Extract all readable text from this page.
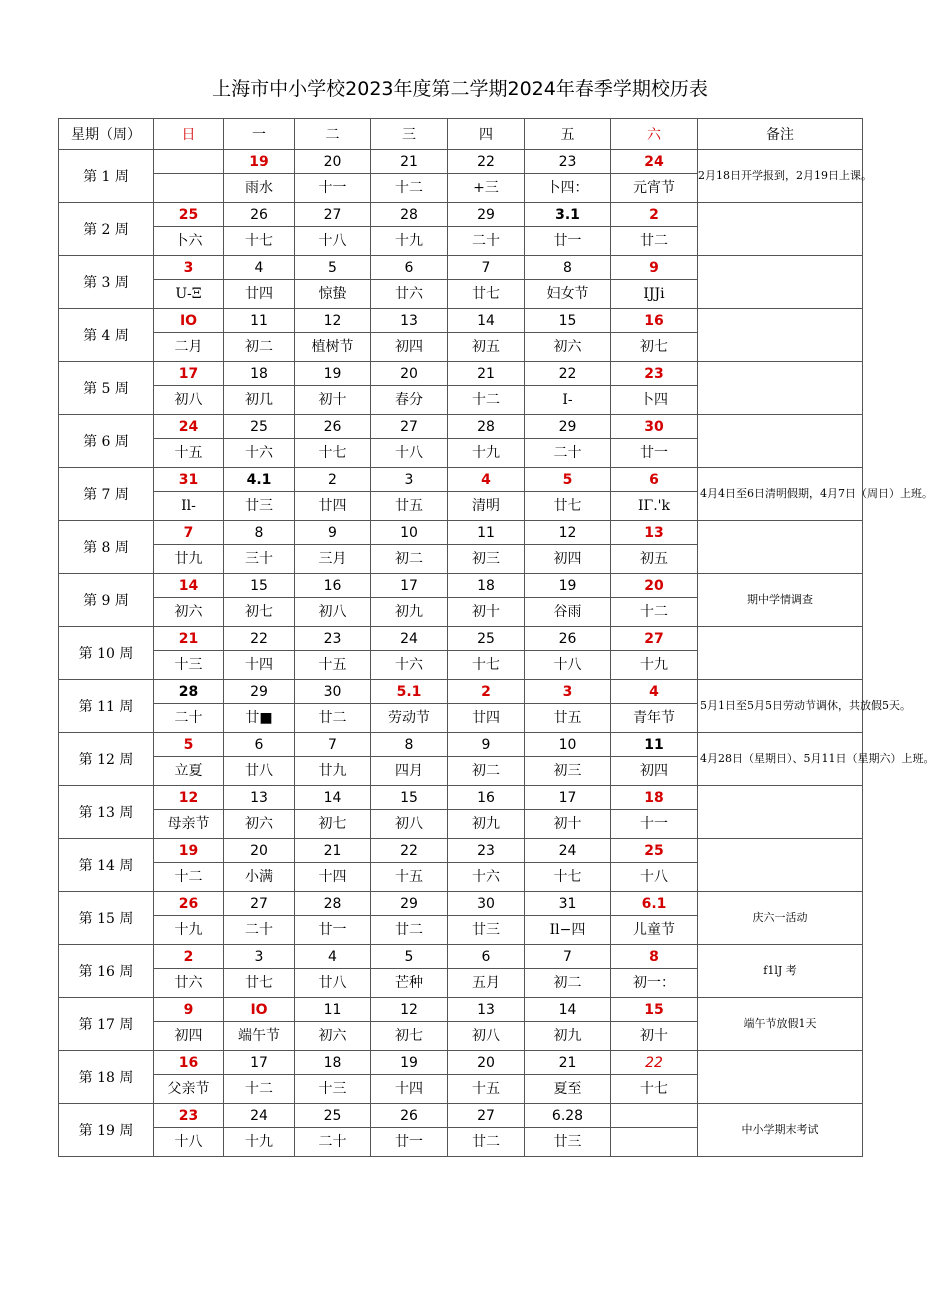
上海市中小学校2023年度第二学期2024年春季学期校历表
星期（周）	日	一	二	三	四	五	六	备注
第 1 周		19	20	21	22	23	24	2月18日开学报到，2月19日上课。
		雨水	十一	十二	+三	卜四：	元宵节	
第 2 周	25	26	27	28	29	3.1	2	
	卜六	十七	十八	十九	二十	廿一	廿二	
第 3 周	3	4	5	6	7	8	9	
	U-Ξ	廿四	惊蛰	廿六	廿七	妇女节	IJJi	
第 4 周	IO	11	12	13	14	15	16	
	二月	初二	植树节	初四	初五	初六	初七	
第 5 周	17	18	19	20	21	22	23	
	初八	初几	初十	春分	十二	I-	卜四	
第 6 周	24	25	26	27	28	29	30	
	十五	十六	十七	十八	十九	二十	廿一	
第 7 周	31	4.1	2	3	4	5	6	4月4日至6日清明假期，4月7日（周日）上班。
	Il-	廿三	廿四	廿五	清明	廿七	IΓ.'k	
第 8 周	7	8	9	10	11	12	13	
	廿九	三十	三月	初二	初三	初四	初五	
第 9 周	14	15	16	17	18	19	20	期中学情调查
	初六	初七	初八	初九	初十	谷雨	十二	
第 10 周	21	22	23	24	25	26	27	
	十三	十四	十五	十六	十七	十八	十九	
第 11 周	28	29	30	5.1	2	3	4	5月1日至5月5日劳动节调休，共放假5天。
	二十	廿■	廿二	劳动节	廿四	廿五	青年节	
第 12 周	5	6	7	8	9	10	11	4月28日（星期日）、5月11日（星期六）上班。
	立夏	廿八	廿九	四月	初二	初三	初四	
第 13 周	12	13	14	15	16	17	18	
	母亲节	初六	初七	初八	初九	初十	十一	
第 14 周	19	20	21	22	23	24	25	
	十二	小满	十四	十五	十六	十七	十八	
第 15 周	26	27	28	29	30	31	6.1	庆六一活动
	十九	二十	廿一	廿二	廿三	Il−四	儿童节	
第 16 周	2	3	4	5	6	7	8	f1lJ 考
	廿六	廿七	廿八	芒种	五月	初二	初一：	
第 17 周	9	IO	11	12	13	14	15	端午节放假1天
	初四	端午节	初六	初七	初八	初九	初十	
第 18 周	16	17	18	19	20	21	22	
	父亲节	十二	十三	十四	十五	夏至	十七	
第 19 周	23	24	25	26	27	6.28		中小学期末考试
	十八	十九	二十	廿一	廿二	廿三		
